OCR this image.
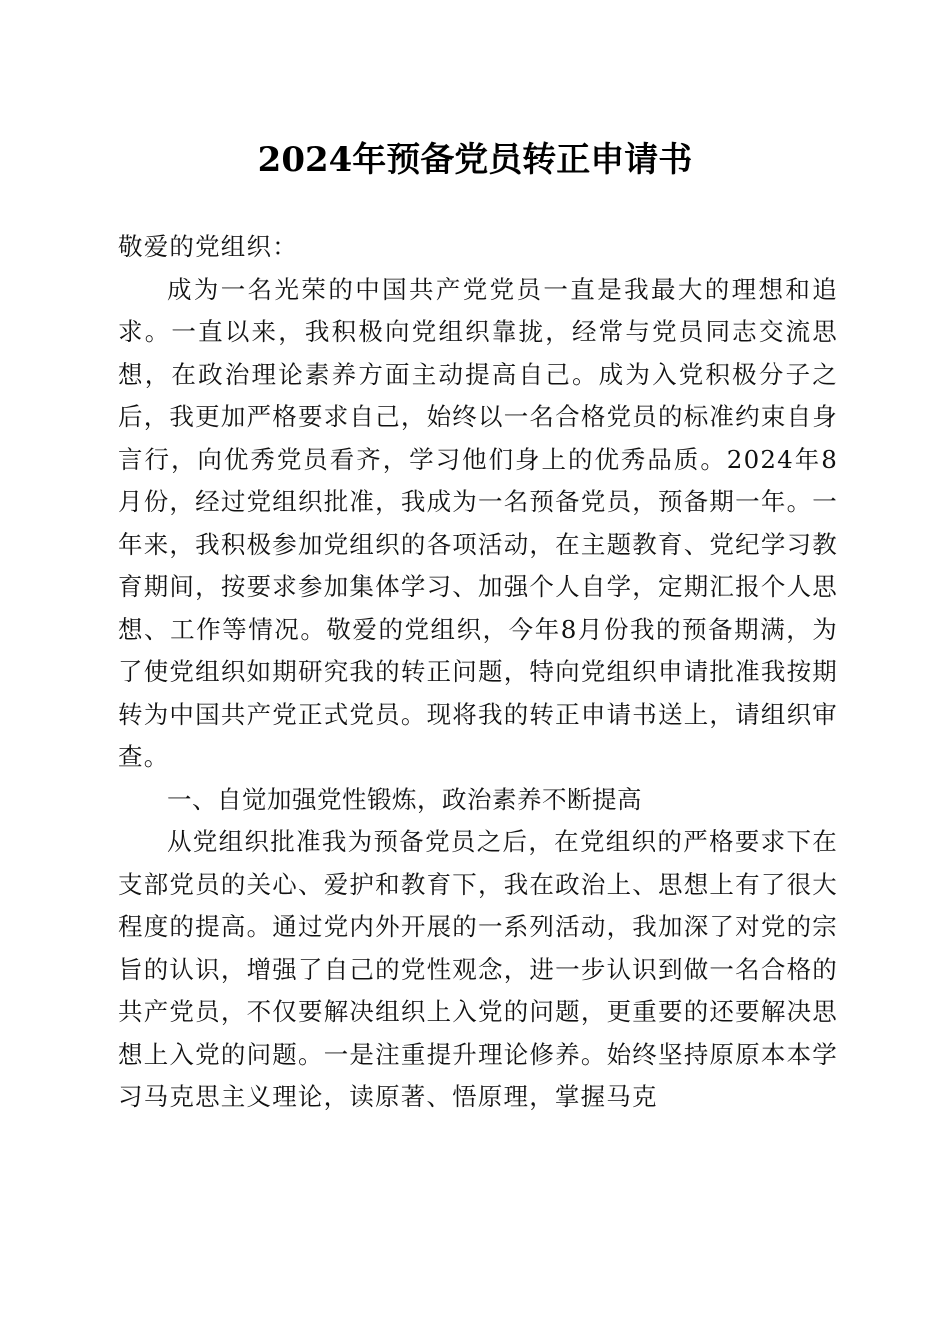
2024年预备党员转正申请书

敬爱的党组织：

成为一名光荣的中国共产党党员一直是我最大的理想和追求。一直以来，我积极向党组织靠拢，经常与党员同志交流思想，在政治理论素养方面主动提高自己。成为入党积极分子之后，我更加严格要求自己，始终以一名合格党员的标准约束自身言行，向优秀党员看齐，学习他们身上的优秀品质。2024年8月份，经过党组织批准，我成为一名预备党员，预备期一年。一年来，我积极参加党组织的各项活动，在主题教育、党纪学习教育期间，按要求参加集体学习、加强个人自学，定期汇报个人思想、工作等情况。敬爱的党组织，今年8月份我的预备期满，为了使党组织如期研究我的转正问题，特向党组织申请批准我按期转为中国共产党正式党员。现将我的转正申请书送上，请组织审查。

一、自觉加强党性锻炼，政治素养不断提高

从党组织批准我为预备党员之后，在党组织的严格要求下在支部党员的关心、爱护和教育下，我在政治上、思想上有了很大程度的提高。通过党内外开展的一系列活动，我加深了对党的宗旨的认识，增强了自己的党性观念，进一步认识到做一名合格的共产党员，不仅要解决组织上入党的问题，更重要的还要解决思想上入党的问题。一是注重提升理论修养。始终坚持原原本本学习马克思主义理论，读原著、悟原理，掌握马克
